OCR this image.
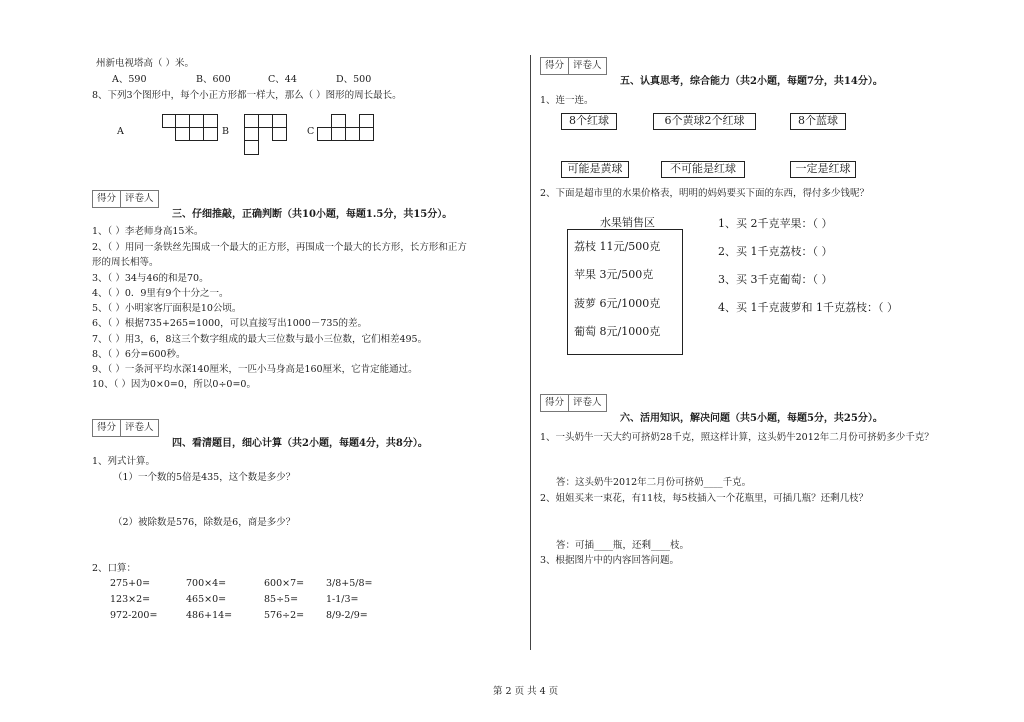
州新电视塔高（ ）米。
A、590	B、600	C、44	D、500
8、下列3个图形中，每个小正方形都一样大，那么（ ）图形的周长最长。
A	B	C
得分 评卷人
三、仔细推敲，正确判断（共10小题，每题1.5分，共15分）。
1、（ ）李老师身高15米。
2、（ ）用同一条铁丝先围成一个最大的正方形，再围成一个最大的长方形，长方形和正方
形的周长相等。
3、（ ）34与46的和是70。
4、（ ）0．9里有9个十分之一。
5、（ ）小明家客厅面积是10公顷。
6、（ ）根据735+265=1000，可以直接写出1000－735的差。
7、（ ）用3，6，8这三个数字组成的最大三位数与最小三位数，它们相差495。
8、（ ）6分=600秒。
9、（ ）一条河平均水深140厘米，一匹小马身高是160厘米，它肯定能通过。
10、（ ）因为0×0=0，所以0÷0=0。
得分 评卷人
四、看清题目，细心计算（共2小题，每题4分，共8分）。
1、列式计算。
（1）一个数的5倍是435，这个数是多少？
（2）被除数是576，除数是6，商是多少？
2、口算：
275+0=	700×4=	600×7= 3/8+5/8=
123×2=	465×0=	85÷5=	1-1/3=
972-200=	486+14=	576÷2= 8/9-2/9=
得分 评卷人
五、认真思考，综合能力（共2小题，每题7分，共14分）。
1、连一连。
8个红球	6个黄球2个红球	8个蓝球
可能是黄球	不可能是红球	一定是红球
2、下面是超市里的水果价格表，明明的妈妈要买下面的东西，得付多少钱呢？
水果销售区
荔枝 11元/500克
苹果 3元/500克
菠萝 6元/1000克
葡萄 8元/1000克
1、买 2千克苹果：（ ）
2、买 1千克荔枝：（ ）
3、买 3千克葡萄：（ ）
4、买 1千克菠萝和 1千克荔枝：（ ）
得分 评卷人
六、活用知识，解决问题（共5小题，每题5分，共25分）。
1、一头奶牛一天大约可挤奶28千克，照这样计算，这头奶牛2012年二月份可挤奶多少千克？
答：这头奶牛2012年二月份可挤奶____千克。
2、姐姐买来一束花，有11枝，每5枝插入一个花瓶里，可插几瓶？还剩几枝？
答：可插____瓶，还剩____枝。
3、根据图片中的内容回答问题。
第 2 页 共 4 页
